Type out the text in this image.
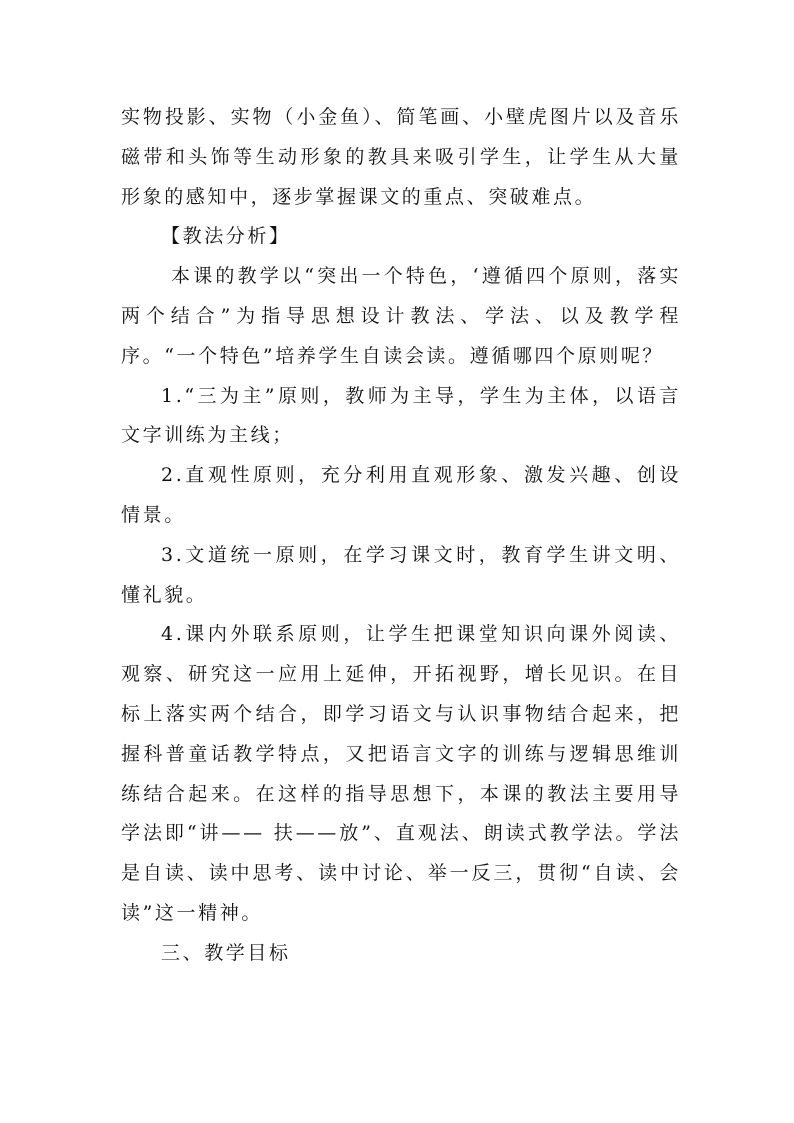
实物投影、实物（小金鱼）、简笔画、小壁虎图片以及音乐磁带和头饰等生动形象的教具来吸引学生，让学生从大量形象的感知中，逐步掌握课文的重点、突破难点。

【教法分析】

本课的教学以“突出一个特色，‘遵循四个原则，落实两个结合”为指导思想设计教法、学法、以及教学程序。“一个特色”培养学生自读会读。遵循哪四个原则呢？

1.“三为主”原则，教师为主导，学生为主体，以语言文字训练为主线；

2.直观性原则，充分利用直观形象、激发兴趣、创设情景。

3.文道统一原则，在学习课文时，教育学生讲文明、懂礼貌。

4.课内外联系原则，让学生把课堂知识向课外阅读、观察、研究这一应用上延伸，开拓视野，增长见识。在目标上落实两个结合，即学习语文与认识事物结合起来，把握科普童话教学特点，又把语言文字的训练与逻辑思维训练结合起来。在这样的指导思想下，本课的教法主要用导学法即“讲—— 扶——放”、直观法、朗读式教学法。学法是自读、读中思考、读中讨论、举一反三，贯彻“自读、会读”这一精神。

三、教学目标
